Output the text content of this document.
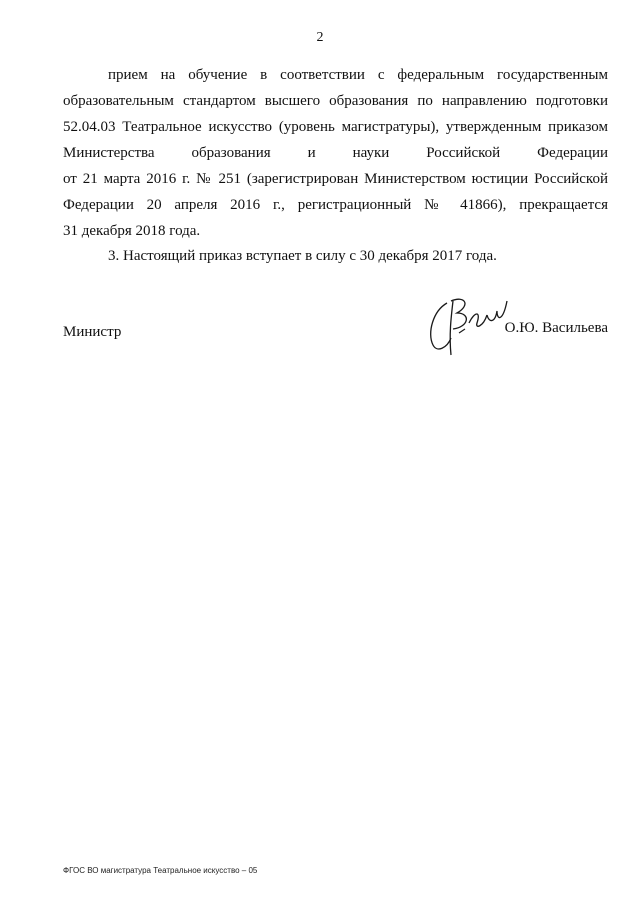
2
прием на обучение в соответствии с федеральным государственным
образовательным стандартом высшего образования по направлению подготовки
52.04.03 Театральное искусство (уровень магистратуры), утвержденным приказом
Министерства образования и науки Российской Федерации
от 21 марта 2016 г. № 251 (зарегистрирован Министерством юстиции Российской
Федерации 20 апреля 2016 г., регистрационный № 41866), прекращается
31 декабря 2018 года.
3. Настоящий приказ вступает в силу с 30 декабря 2017 года.
Министр	О.Ю. Васильева
ФГОС ВО магистратура Театральное искусство – 05
